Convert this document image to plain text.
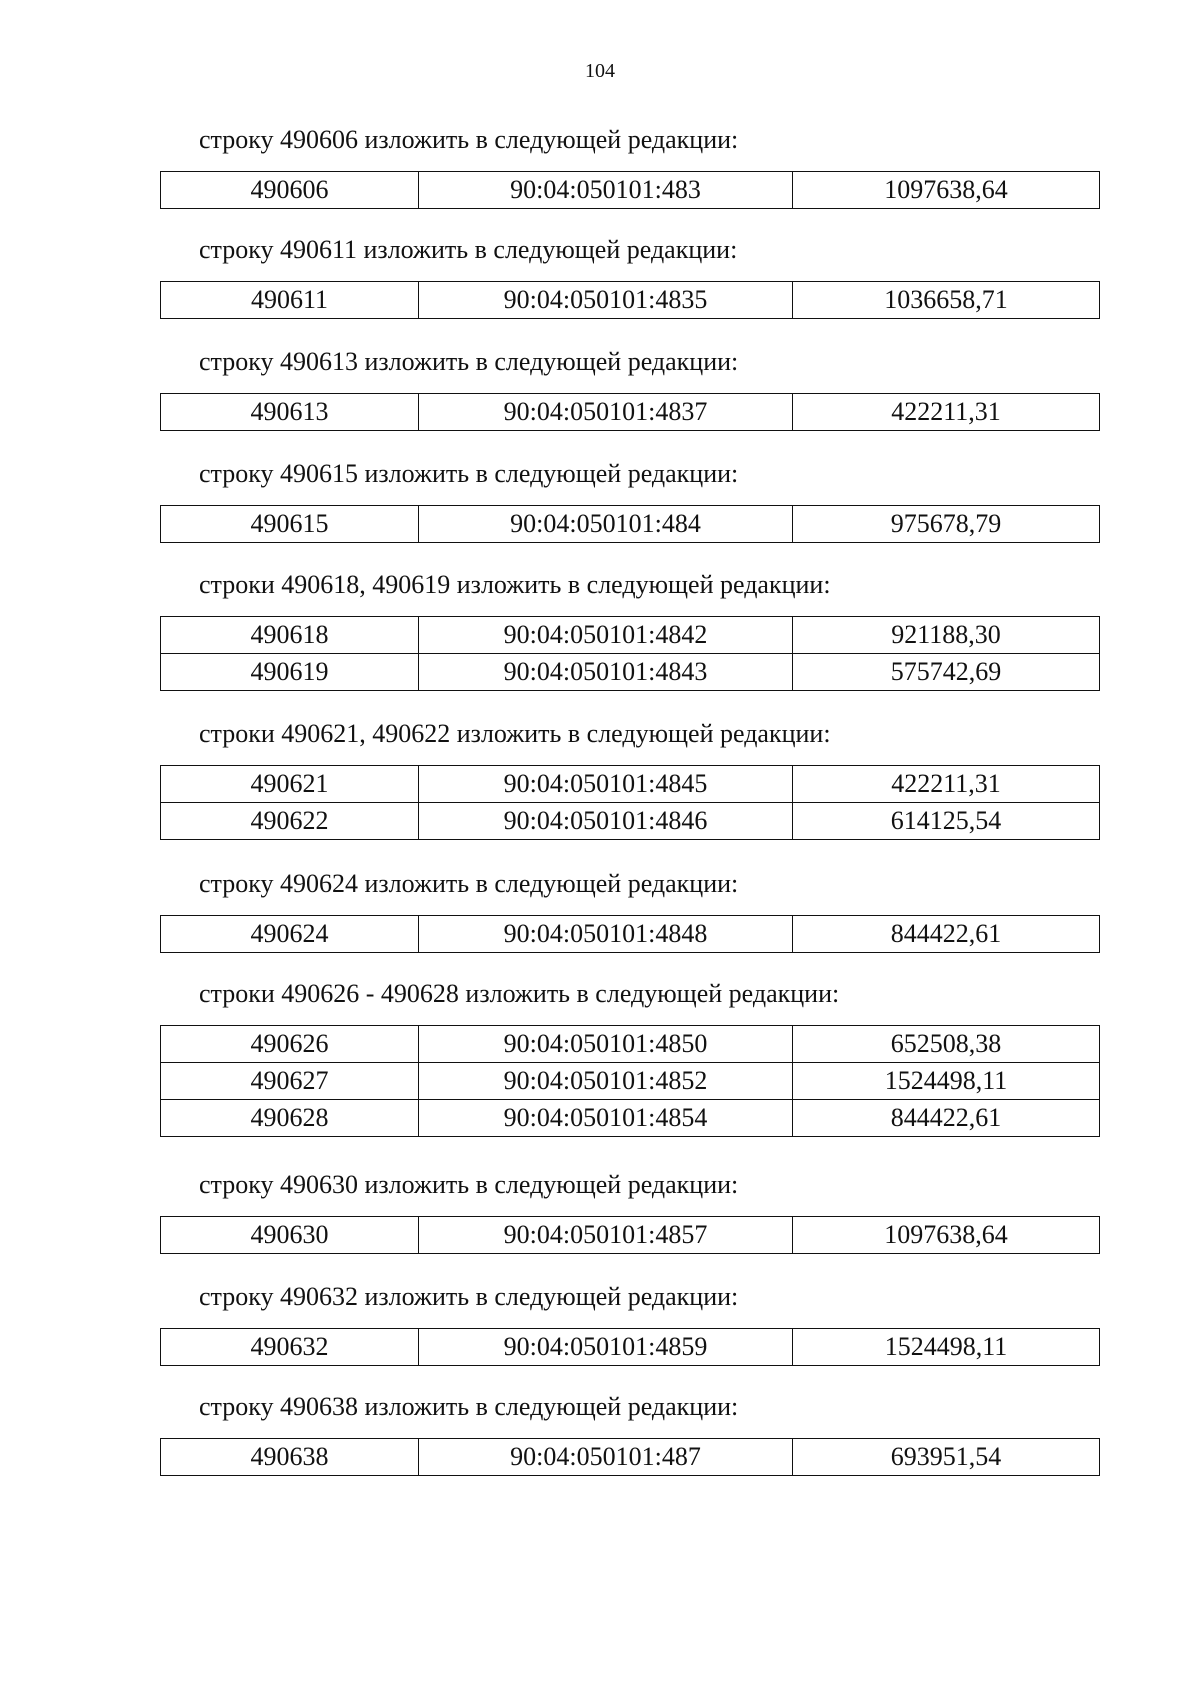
104
строку 490606 изложить в следующей редакции:
490606	90:04:050101:483	1097638,64
строку 490611 изложить в следующей редакции:
490611	90:04:050101:4835	1036658,71
строку 490613 изложить в следующей редакции:
490613	90:04:050101:4837	422211,31
строку 490615 изложить в следующей редакции:
490615	90:04:050101:484	975678,79
строки 490618, 490619 изложить в следующей редакции:
490618	90:04:050101:4842	921188,30
490619	90:04:050101:4843	575742,69
строки 490621, 490622 изложить в следующей редакции:
490621	90:04:050101:4845	422211,31
490622	90:04:050101:4846	614125,54
строку 490624 изложить в следующей редакции:
490624	90:04:050101:4848	844422,61
строки 490626 - 490628 изложить в следующей редакции:
490626	90:04:050101:4850	652508,38
490627	90:04:050101:4852	1524498,11
490628	90:04:050101:4854	844422,61
строку 490630 изложить в следующей редакции:
490630	90:04:050101:4857	1097638,64
строку 490632 изложить в следующей редакции:
490632	90:04:050101:4859	1524498,11
строку 490638 изложить в следующей редакции:
490638	90:04:050101:487	693951,54
